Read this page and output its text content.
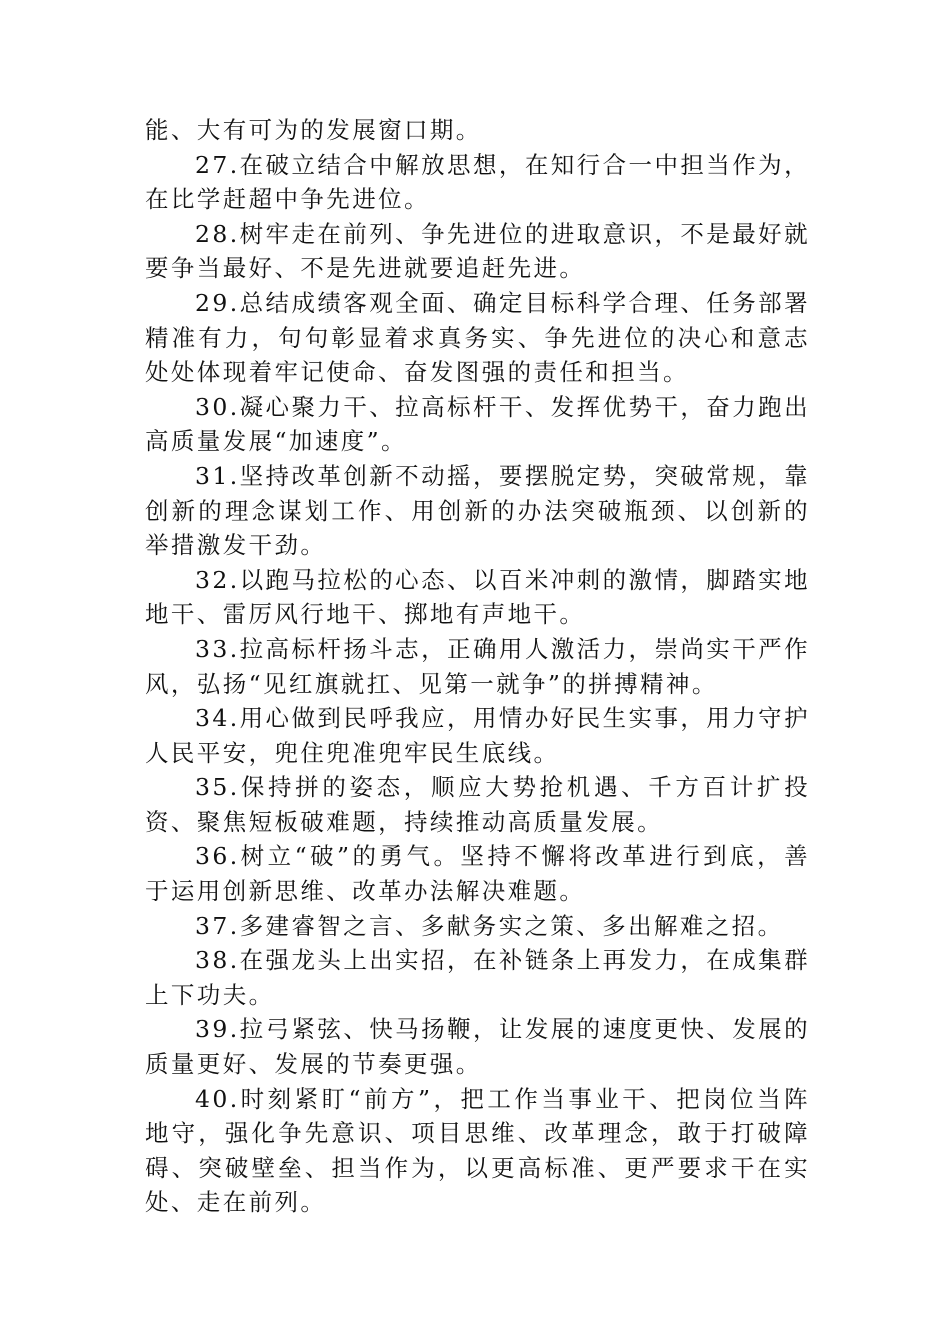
能、大有可为的发展窗口期。

27.在破立结合中解放思想，在知行合一中担当作为，在比学赶超中争先进位。

28.树牢走在前列、争先进位的进取意识，不是最好就要争当最好、不是先进就要追赶先进。

29.总结成绩客观全面、确定目标科学合理、任务部署精准有力，句句彰显着求真务实、争先进位的决心和意志处处体现着牢记使命、奋发图强的责任和担当。

30.凝心聚力干、拉高标杆干、发挥优势干，奋力跑出高质量发展“加速度”。

31.坚持改革创新不动摇，要摆脱定势，突破常规，靠创新的理念谋划工作、用创新的办法突破瓶颈、以创新的举措激发干劲。

32.以跑马拉松的心态、以百米冲刺的激情，脚踏实地地干、雷厉风行地干、掷地有声地干。

33.拉高标杆扬斗志，正确用人激活力，崇尚实干严作风，弘扬“见红旗就扛、见第一就争”的拼搏精神。

34.用心做到民呼我应，用情办好民生实事，用力守护人民平安，兜住兜准兜牢民生底线。

35.保持拼的姿态，顺应大势抢机遇、千方百计扩投资、聚焦短板破难题，持续推动高质量发展。

36.树立“破”的勇气。坚持不懈将改革进行到底，善于运用创新思维、改革办法解决难题。

37.多建睿智之言、多献务实之策、多出解难之招。

38.在强龙头上出实招，在补链条上再发力，在成集群上下功夫。

39.拉弓紧弦、快马扬鞭，让发展的速度更快、发展的质量更好、发展的节奏更强。

40.时刻紧盯“前方”，把工作当事业干、把岗位当阵地守，强化争先意识、项目思维、改革理念，敢于打破障碍、突破壁垒、担当作为，以更高标准、更严要求干在实处、走在前列。
